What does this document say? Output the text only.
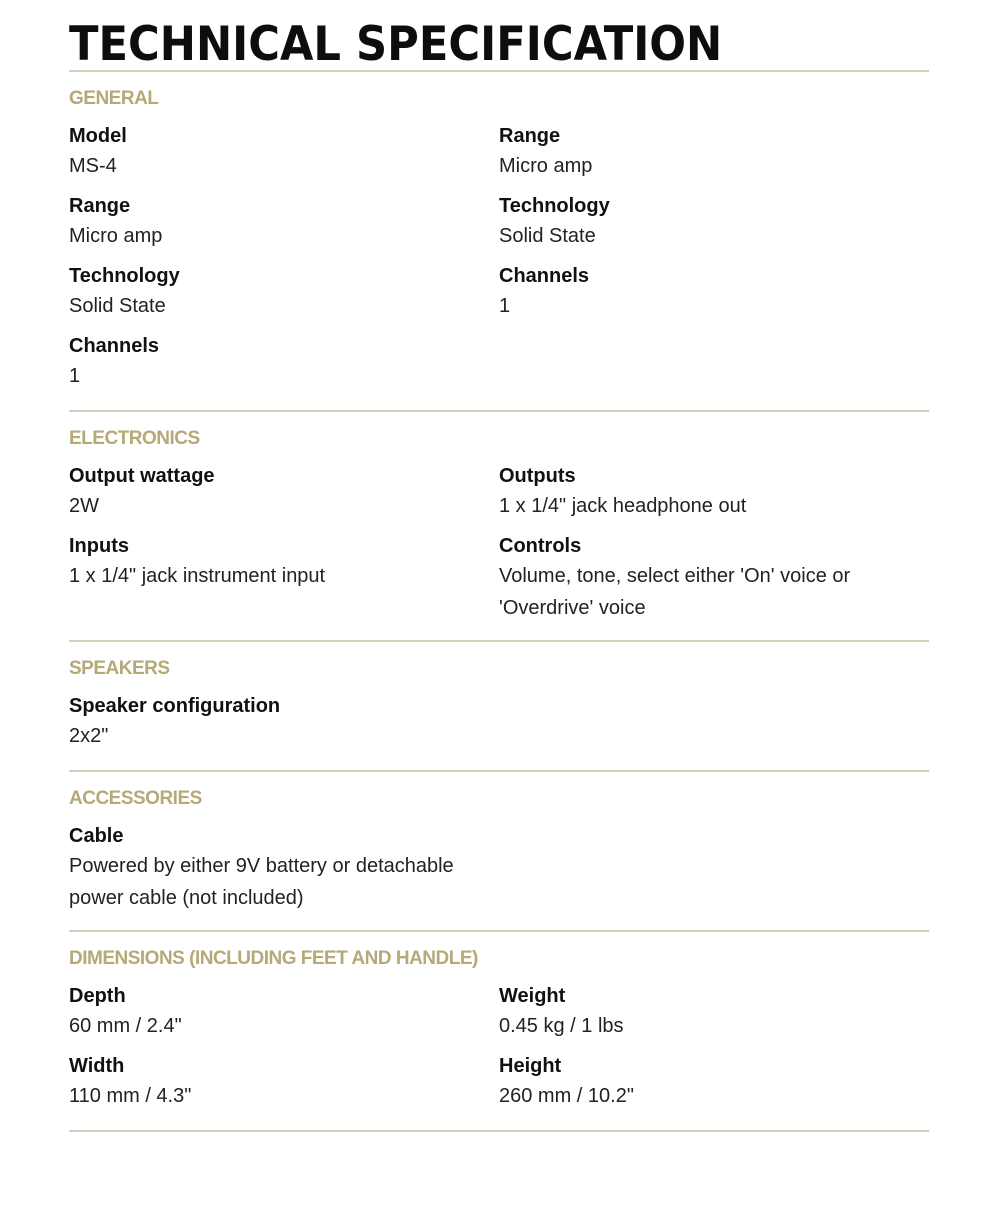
TECHNICAL SPECIFICATION
GENERAL
Model
MS-4
Range
Micro amp
Range
Micro amp
Technology
Solid State
Technology
Solid State
Channels
1
Channels
1
ELECTRONICS
Output wattage
2W
Outputs
1 x 1/4" jack headphone out
Inputs
1 x 1/4" jack instrument input
Controls
Volume, tone, select either 'On' voice or 'Overdrive' voice
SPEAKERS
Speaker configuration
2x2"
ACCESSORIES
Cable
Powered by either 9V battery or detachable power cable (not included)
DIMENSIONS (INCLUDING FEET AND HANDLE)
Depth
60 mm / 2.4"
Weight
0.45 kg / 1 lbs
Width
110 mm / 4.3"
Height
260 mm / 10.2"
